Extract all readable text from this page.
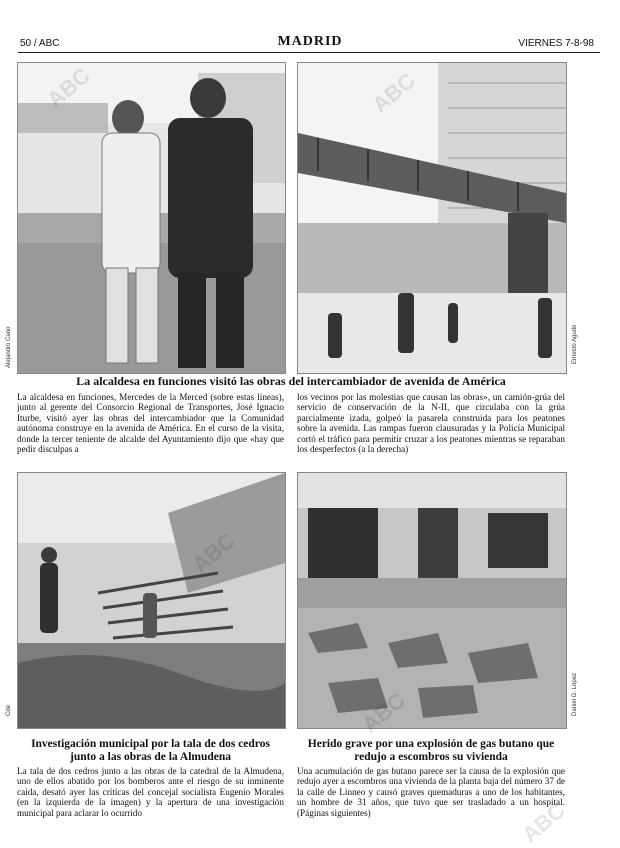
50 / ABC	MADRID	VIERNES 7-8-98
Alejandro Cano	Ernesto Agudo
La alcaldesa en funciones visitó las obras del intercambiador de avenida de América
La alcaldesa en funciones, Mercedes de la Merced (sobre estas líneas), junto al gerente del Consorcio Regional de Transportes, José Ignacio Iturbe, visitó ayer las obras del intercambiador que la Comunidad autónoma construye en la avenida de América. En el curso de la visita, donde la tercer teniente de alcalde del Ayuntamiento dijo que «hay que pedir disculpas a
los vecinos por las molestias que causan las obras», un camión-grúa del servicio de conservación de la N-II, que circulaba con la grúa parcialmente izada, golpeó la pasarela construida para los peatones sobre la avenida. Las rampas fueron clausuradas y la Policía Municipal cortó el tráfico para permitir cruzar a los peatones mientras se reparaban los desperfectos (a la derecha)
Cde	Daniel G. López
Investigación municipal por la tala de dos cedros junto a las obras de la Almudena
La tala de dos cedros junto a las obras de la catedral de la Almudena, uno de ellos abatido por los bomberos ante el riesgo de su inminente caída, desató ayer las críticas del concejal socialista Eugenio Morales (en la izquierda de la imagen) y la apertura de una investigación municipal para aclarar lo ocurrido
Herido grave por una explosión de gas butano que redujo a escombros su vivienda
Una acumulación de gas butano parece ser la causa de la explosión que redujo ayer a escombros una vivienda de la planta baja del número 37 de la calle de Linneo y causó graves quemaduras a uno de los habitantes, un hombre de 31 años, que tuvo que ser trasladado a un hospital. (Páginas siguientes)	ABC
